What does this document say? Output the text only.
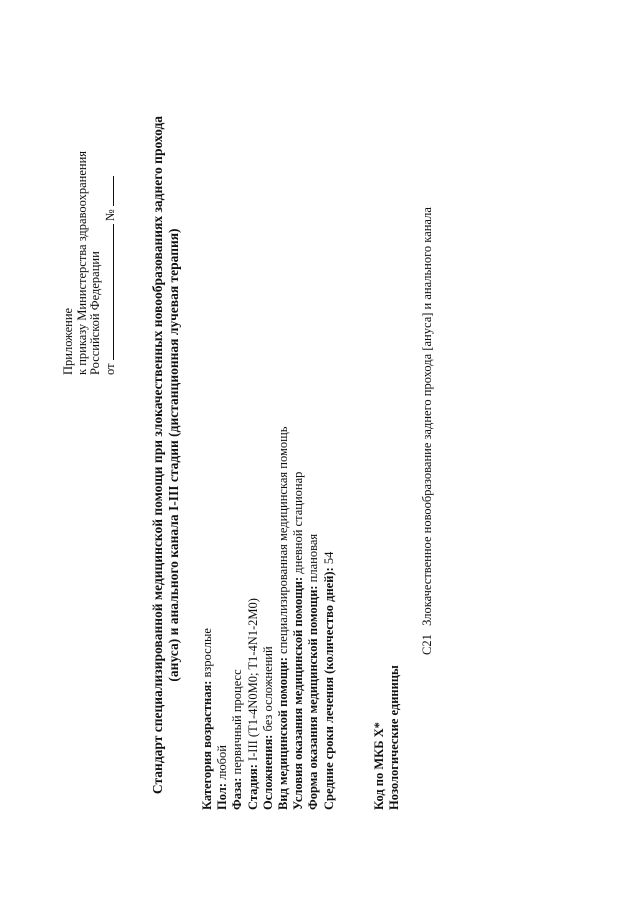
Приложение к приказу Министерства здравоохранения Российской Федерации от  № Стандарт специализированной медицинской помощи при злокачественных новообразованиях заднего прохода (ануса) и анального канала I-III стадии (дистанционная лучевая терапия)
Категория возрастная: взрослые
Пол: любой
Фаза: первичный процесс
Стадия: I-III (T1-4N0M0; T1-4N1-2M0)
Осложнения: без осложнений Вид медицинской помощи: специализированная медицинская помощь
Условия оказания медицинской помощи: дневной стационар
Форма оказания медицинской помощи: плановая
Средние сроки лечения (количество дней): 54
Код по МКБ X* Нозологические единицы
C21 Злокачественное новообразование заднего прохода [ануса] и анального канала
